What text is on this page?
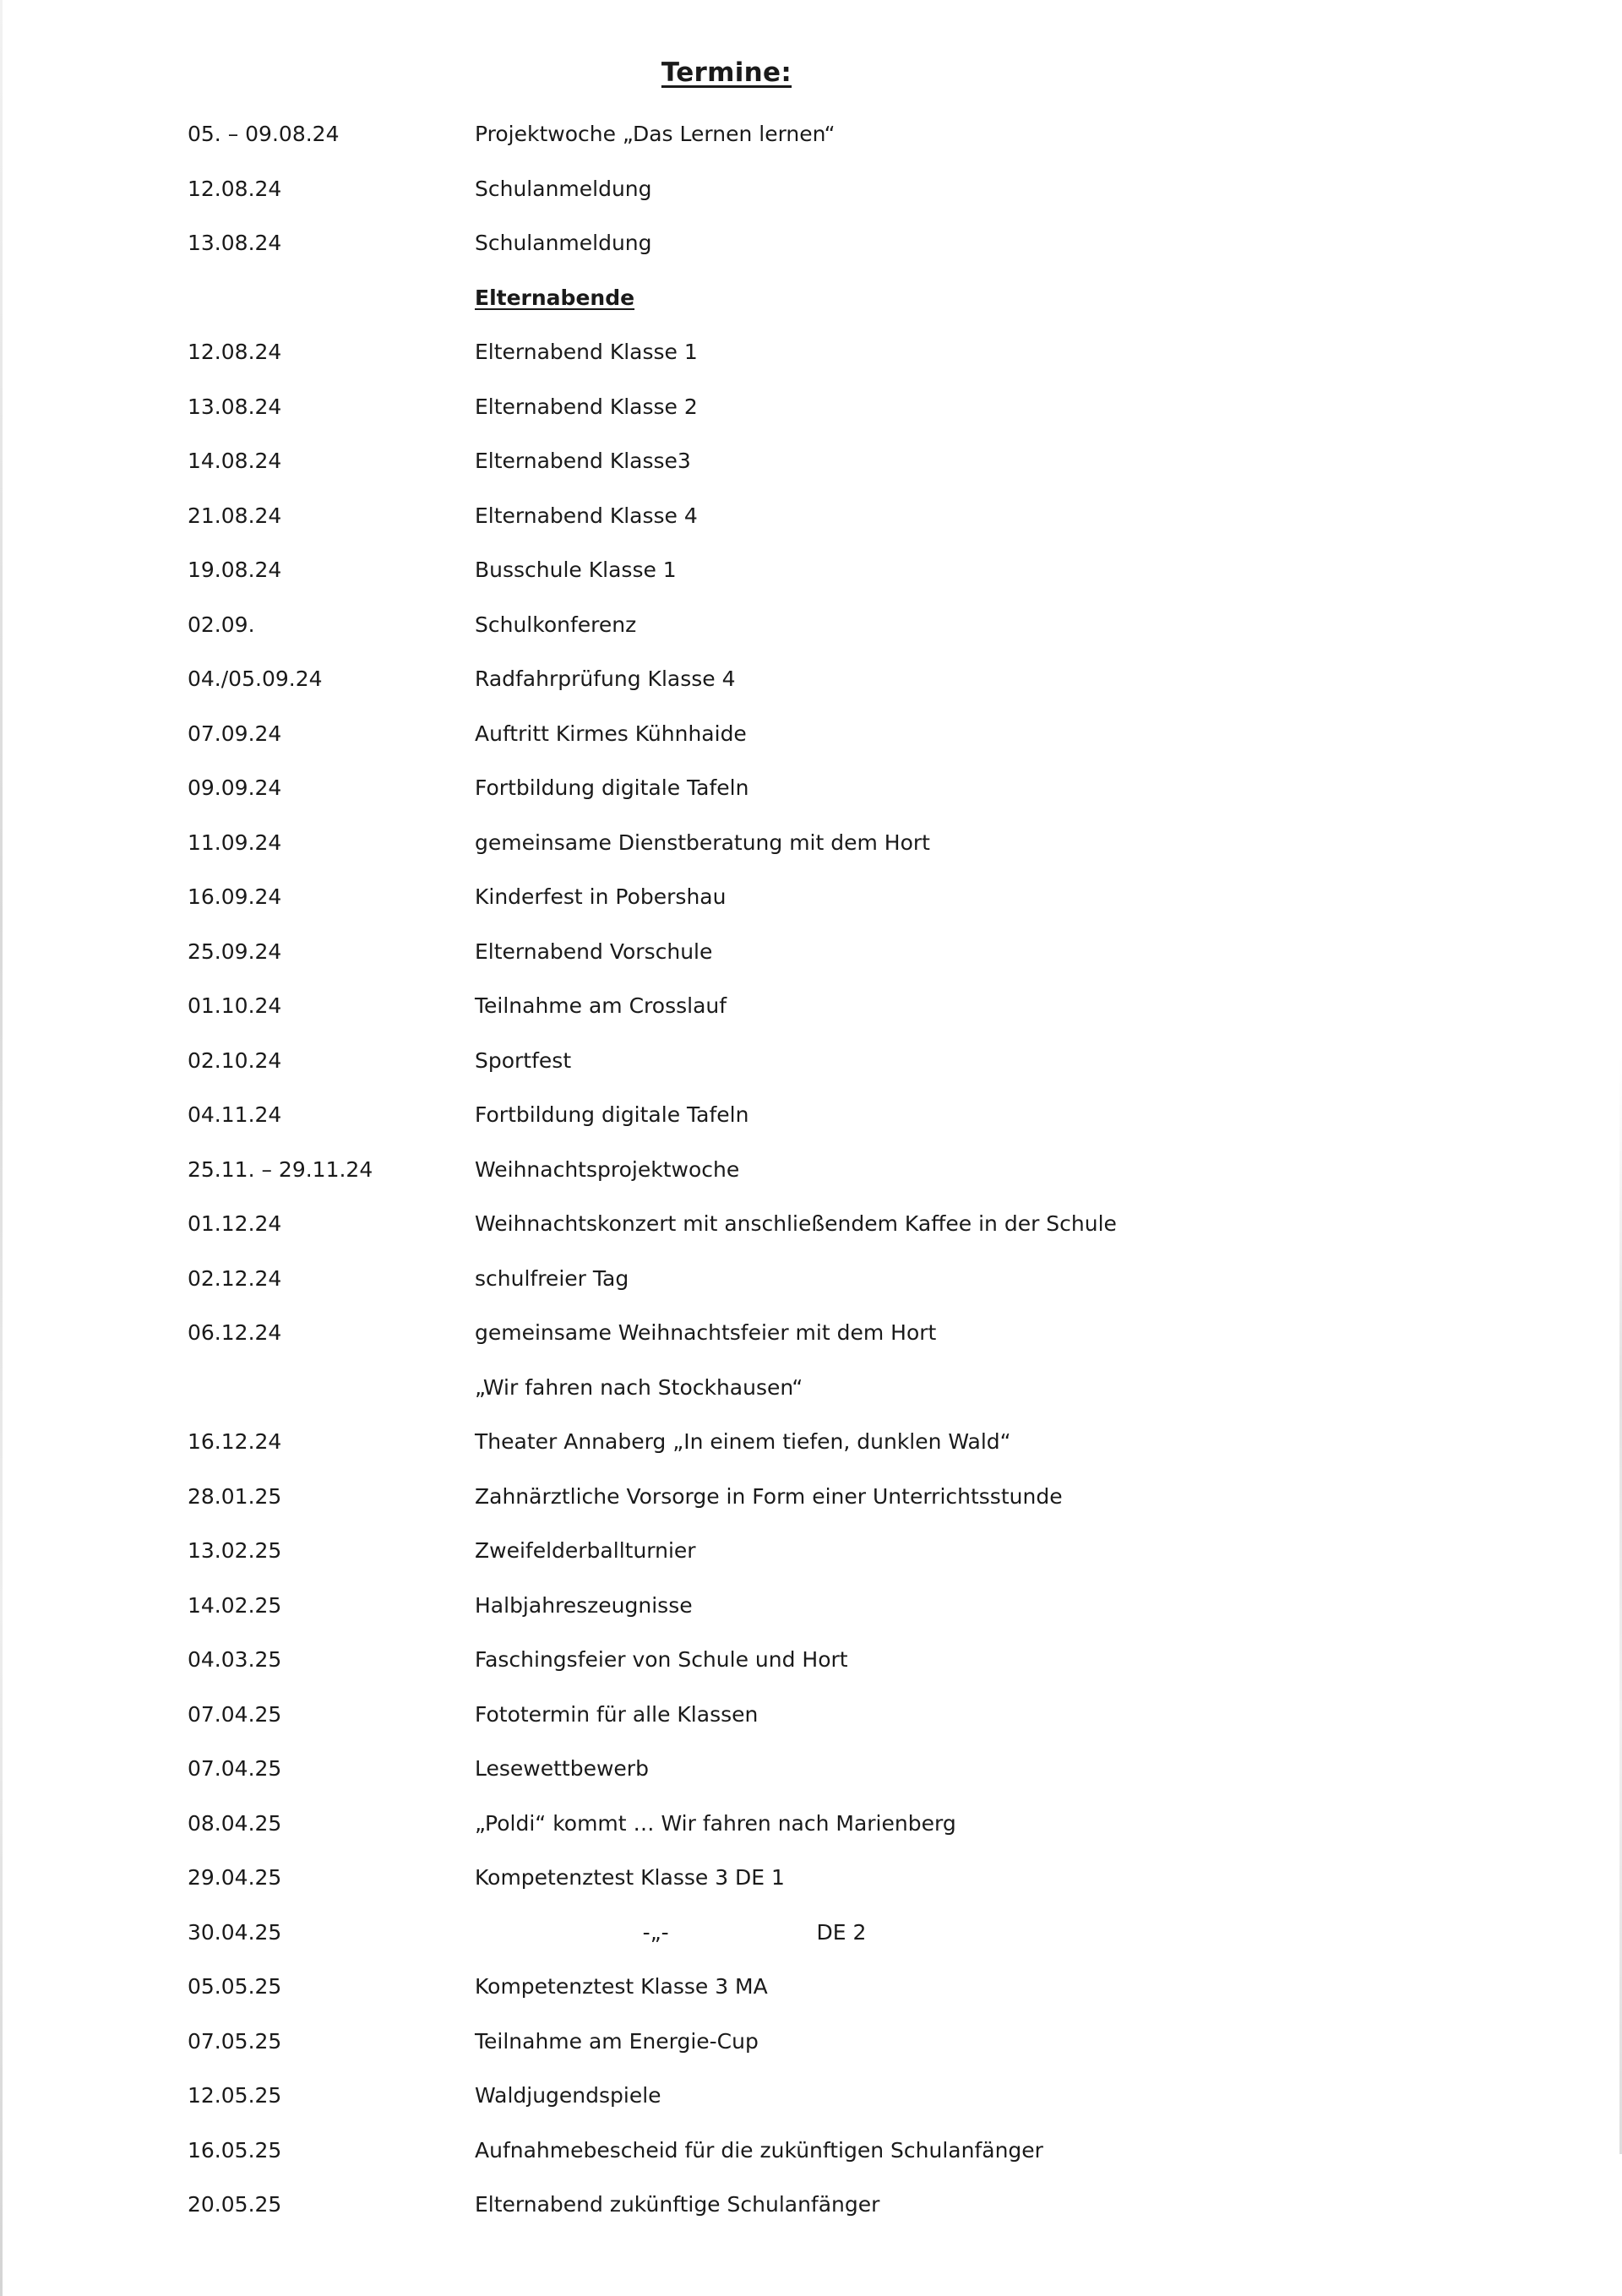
Termine:
05. – 09.08.24	Projektwoche „Das Lernen lernen“
12.08.24	Schulanmeldung
13.08.24	Schulanmeldung
Elternabende
12.08.24	Elternabend Klasse 1
13.08.24	Elternabend Klasse 2
14.08.24	Elternabend Klasse3
21.08.24	Elternabend Klasse 4
19.08.24	Busschule Klasse 1
02.09.	Schulkonferenz
04./05.09.24	Radfahrprüfung Klasse 4
07.09.24	Auftritt Kirmes Kühnhaide
09.09.24	Fortbildung digitale Tafeln
11.09.24	gemeinsame Dienstberatung mit dem Hort
16.09.24	Kinderfest in Pobershau
25.09.24	Elternabend Vorschule
01.10.24	Teilnahme am Crosslauf
02.10.24	Sportfest
04.11.24	Fortbildung digitale Tafeln
25.11. – 29.11.24	Weihnachtsprojektwoche
01.12.24	Weihnachtskonzert mit anschließendem Kaffee in der Schule
02.12.24	schulfreier Tag
06.12.24	gemeinsame Weihnachtsfeier mit dem Hort
„Wir fahren nach Stockhausen“
16.12.24	Theater Annaberg „In einem tiefen, dunklen Wald“
28.01.25	Zahnärztliche Vorsorge in Form einer Unterrichtsstunde
13.02.25	Zweifelderballturnier
14.02.25	Halbjahreszeugnisse
04.03.25	Faschingsfeier von Schule und Hort
07.04.25	Fototermin für alle Klassen
07.04.25	Lesewettbewerb
08.04.25	„Poldi“ kommt … Wir fahren nach Marienberg
29.04.25	Kompetenztest Klasse 3 DE 1
30.04.25	-„-                      DE 2
05.05.25	Kompetenztest Klasse 3 MA
07.05.25	Teilnahme am Energie-Cup
12.05.25	Waldjugendspiele
16.05.25	Aufnahmebescheid für die zukünftigen Schulanfänger
20.05.25	Elternabend zukünftige Schulanfänger
